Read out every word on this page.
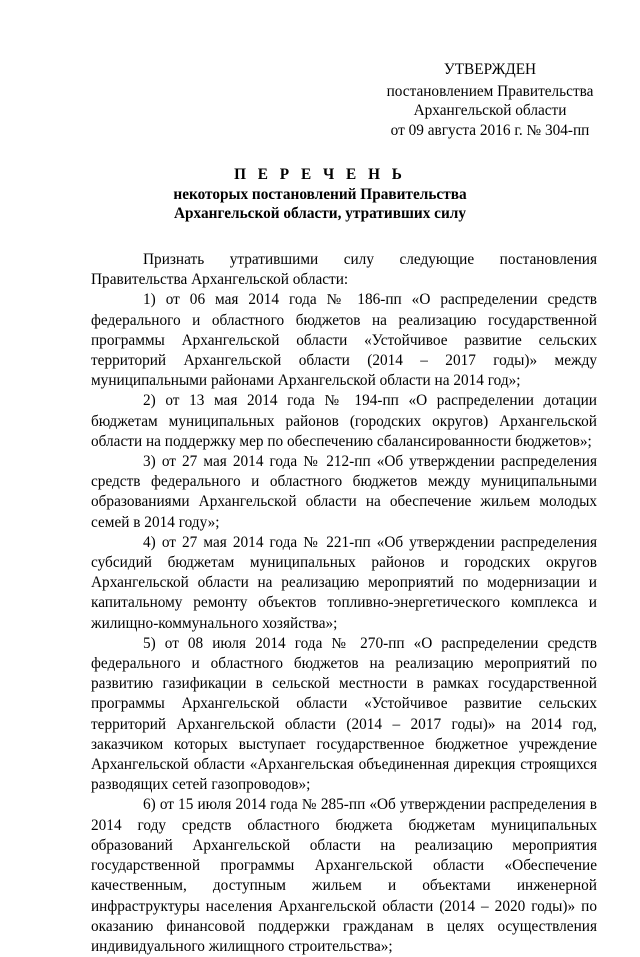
УТВЕРЖДЕН
постановлением Правительства
Архангельской области
от 09 августа 2016 г. № 304-пп
П Е Р Е Ч Е Н Ь
некоторых постановлений Правительства
Архангельской области, утративших силу

Признать утратившими силу следующие постановления Правительства Архангельской области:

1) от 06 мая 2014 года № 186-пп «О распределении средств федерального и областного бюджетов на реализацию государственной программы Архангельской области «Устойчивое развитие сельских территорий Архангельской области (2014 – 2017 годы)» между муниципальными районами Архангельской области на 2014 год»;

2) от 13 мая 2014 года № 194-пп «О распределении дотации бюджетам муниципальных районов (городских округов) Архангельской области на поддержку мер по обеспечению сбалансированности бюджетов»;

3) от 27 мая 2014 года № 212-пп «Об утверждении распределения средств федерального и областного бюджетов между муниципальными образованиями Архангельской области на обеспечение жильем молодых семей в 2014 году»;

4) от 27 мая 2014 года № 221-пп «Об утверждении распределения субсидий бюджетам муниципальных районов и городских округов Архангельской области на реализацию мероприятий по модернизации и капитальному ремонту объектов топливно-энергетического комплекса и жилищно-коммунального хозяйства»;

5) от 08 июля 2014 года № 270-пп «О распределении средств федерального и областного бюджетов на реализацию мероприятий по развитию газификации в сельской местности в рамках государственной программы Архангельской области «Устойчивое развитие сельских территорий Архангельской области (2014 – 2017 годы)» на 2014 год, заказчиком которых выступает государственное бюджетное учреждение Архангельской области «Архангельская объединенная дирекция строящихся разводящих сетей газопроводов»;

6) от 15 июля 2014 года № 285-пп «Об утверждении распределения в 2014 году средств областного бюджета бюджетам муниципальных образований Архангельской области на реализацию мероприятия государственной программы Архангельской области «Обеспечение качественным, доступным жильем и объектами инженерной инфраструктуры населения Архангельской области (2014 – 2020 годы)» по оказанию финансовой поддержки гражданам в целях осуществления индивидуального жилищного строительства»;
